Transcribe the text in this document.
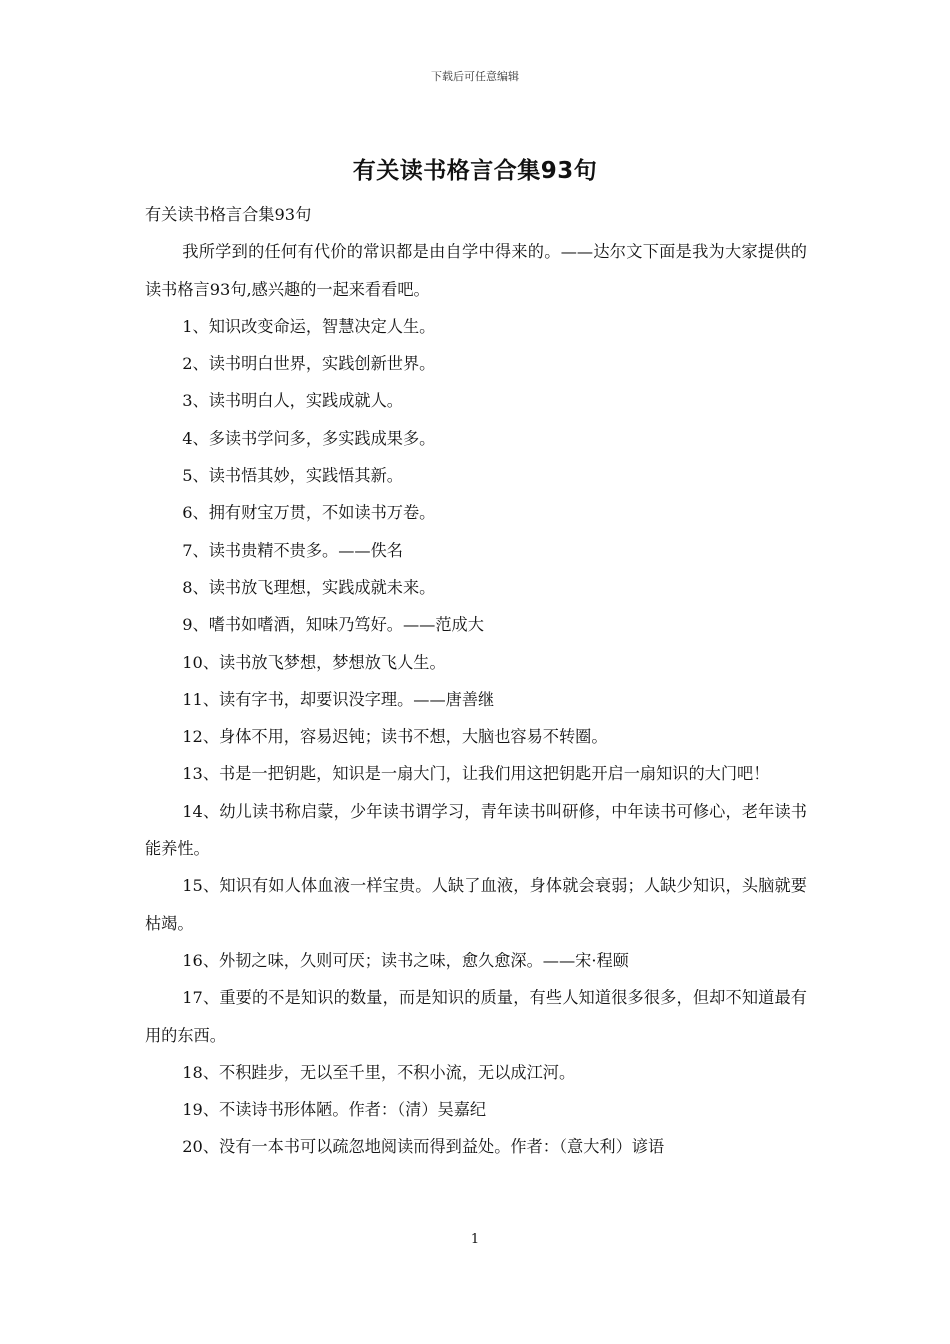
下载后可任意编辑
有关读书格言合集93句

有关读书格言合集93句

我所学到的任何有代价的常识都是由自学中得来的。——达尔文下面是我为大家提供的读书格言93句,感兴趣的一起来看看吧。

1、知识改变命运，智慧决定人生。

2、读书明白世界，实践创新世界。

3、读书明白人，实践成就人。

4、多读书学问多，多实践成果多。

5、读书悟其妙，实践悟其新。

6、拥有财宝万贯，不如读书万卷。

7、读书贵精不贵多。——佚名

8、读书放飞理想，实践成就未来。

9、嗜书如嗜酒，知味乃笃好。——范成大

10、读书放飞梦想，梦想放飞人生。

11、读有字书，却要识没字理。——唐善继

12、身体不用，容易迟钝；读书不想，大脑也容易不转圈。

13、书是一把钥匙，知识是一扇大门，让我们用这把钥匙开启一扇知识的大门吧！

14、幼儿读书称启蒙，少年读书谓学习，青年读书叫研修，中年读书可修心，老年读书能养性。

15、知识有如人体血液一样宝贵。人缺了血液，身体就会衰弱；人缺少知识，头脑就要枯竭。

16、外韧之味，久则可厌；读书之味，愈久愈深。——宋·程颐

17、重要的不是知识的数量，而是知识的质量，有些人知道很多很多，但却不知道最有用的东西。

18、不积跬步，无以至千里，不积小流，无以成江河。

19、不读诗书形体陋。作者：（清）吴嘉纪

20、没有一本书可以疏忽地阅读而得到益处。作者：（意大利）谚语

1
